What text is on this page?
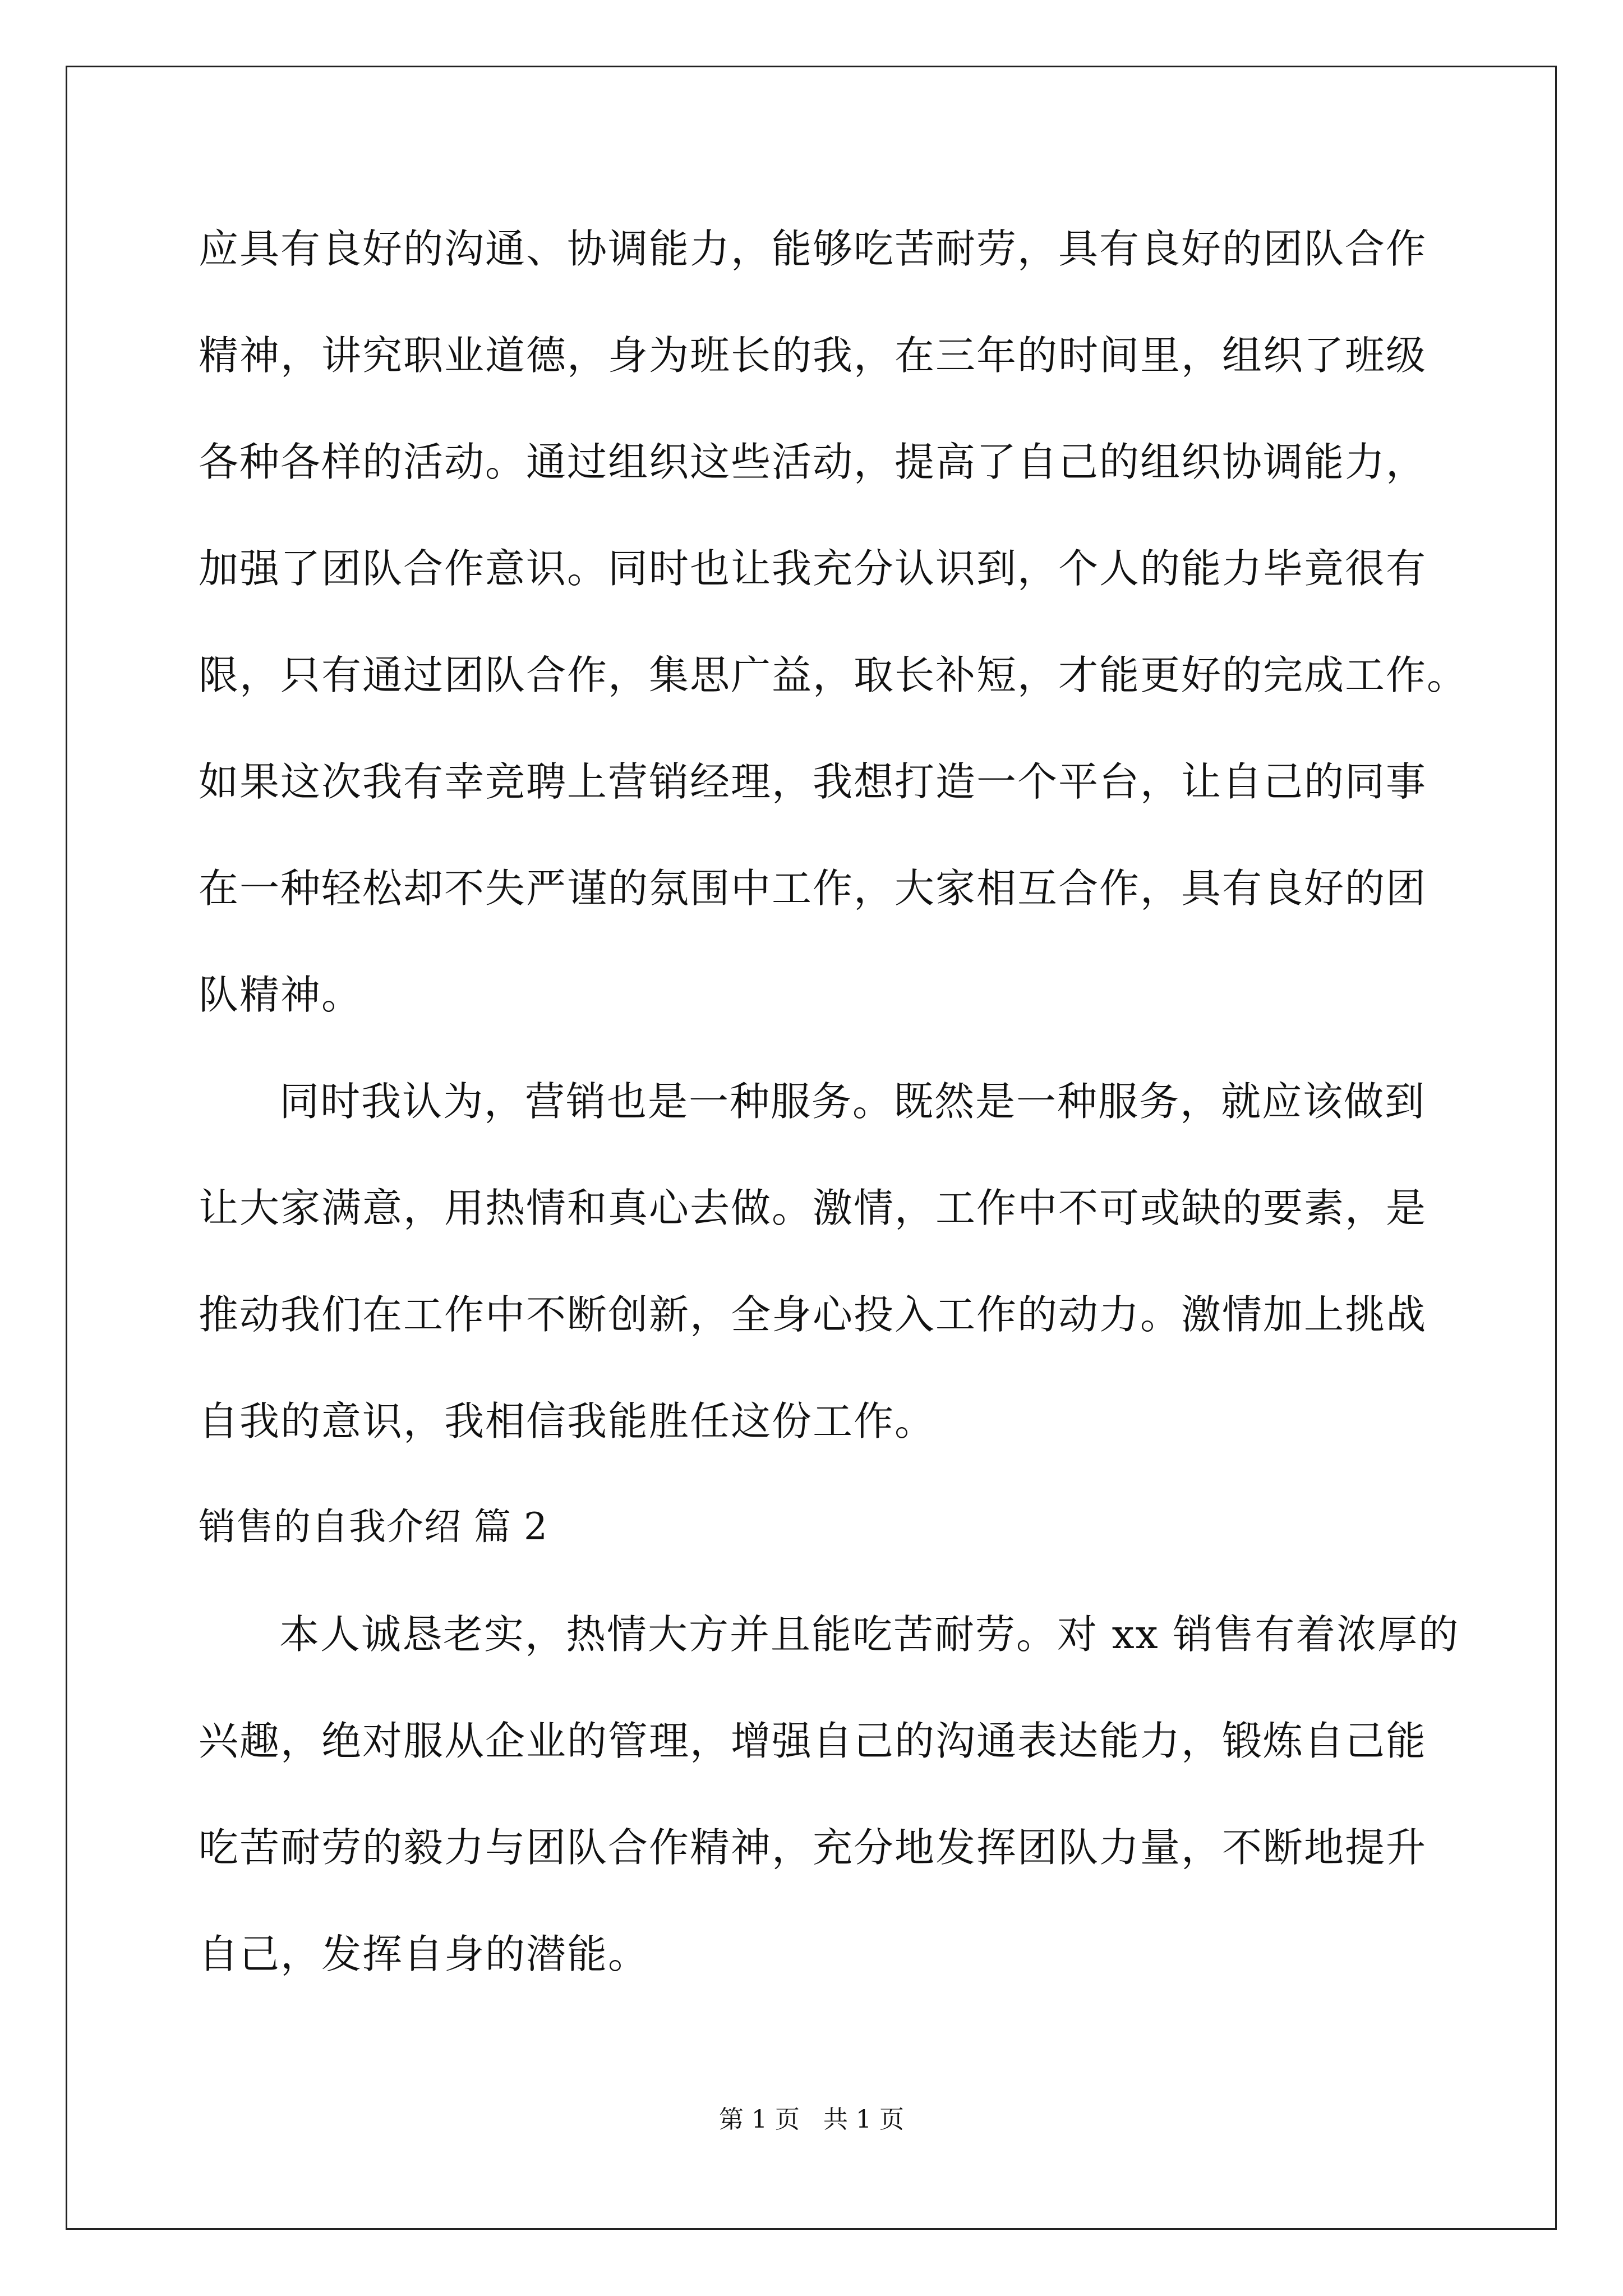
应具有良好的沟通、协调能力，能够吃苦耐劳，具有良好的团队合作
精神，讲究职业道德，身为班长的我，在三年的时间里，组织了班级
各种各样的活动。通过组织这些活动，提高了自己的组织协调能力，
加强了团队合作意识。同时也让我充分认识到，个人的能力毕竟很有
限，只有通过团队合作，集思广益，取长补短，才能更好的完成工作。
如果这次我有幸竞聘上营销经理，我想打造一个平台，让自己的同事
在一种轻松却不失严谨的氛围中工作，大家相互合作，具有良好的团
队精神。
同时我认为，营销也是一种服务。既然是一种服务，就应该做到
让大家满意，用热情和真心去做。激情，工作中不可或缺的要素，是
推动我们在工作中不断创新，全身心投入工作的动力。激情加上挑战
自我的意识，我相信我能胜任这份工作。
销售的自我介绍 篇 2
本人诚恳老实，热情大方并且能吃苦耐劳。对 xx 销售有着浓厚的
兴趣，绝对服从企业的管理，增强自己的沟通表达能力，锻炼自己能
吃苦耐劳的毅力与团队合作精神，充分地发挥团队力量，不断地提升
自己，发挥自身的潜能。
第 1 页   共 1 页
